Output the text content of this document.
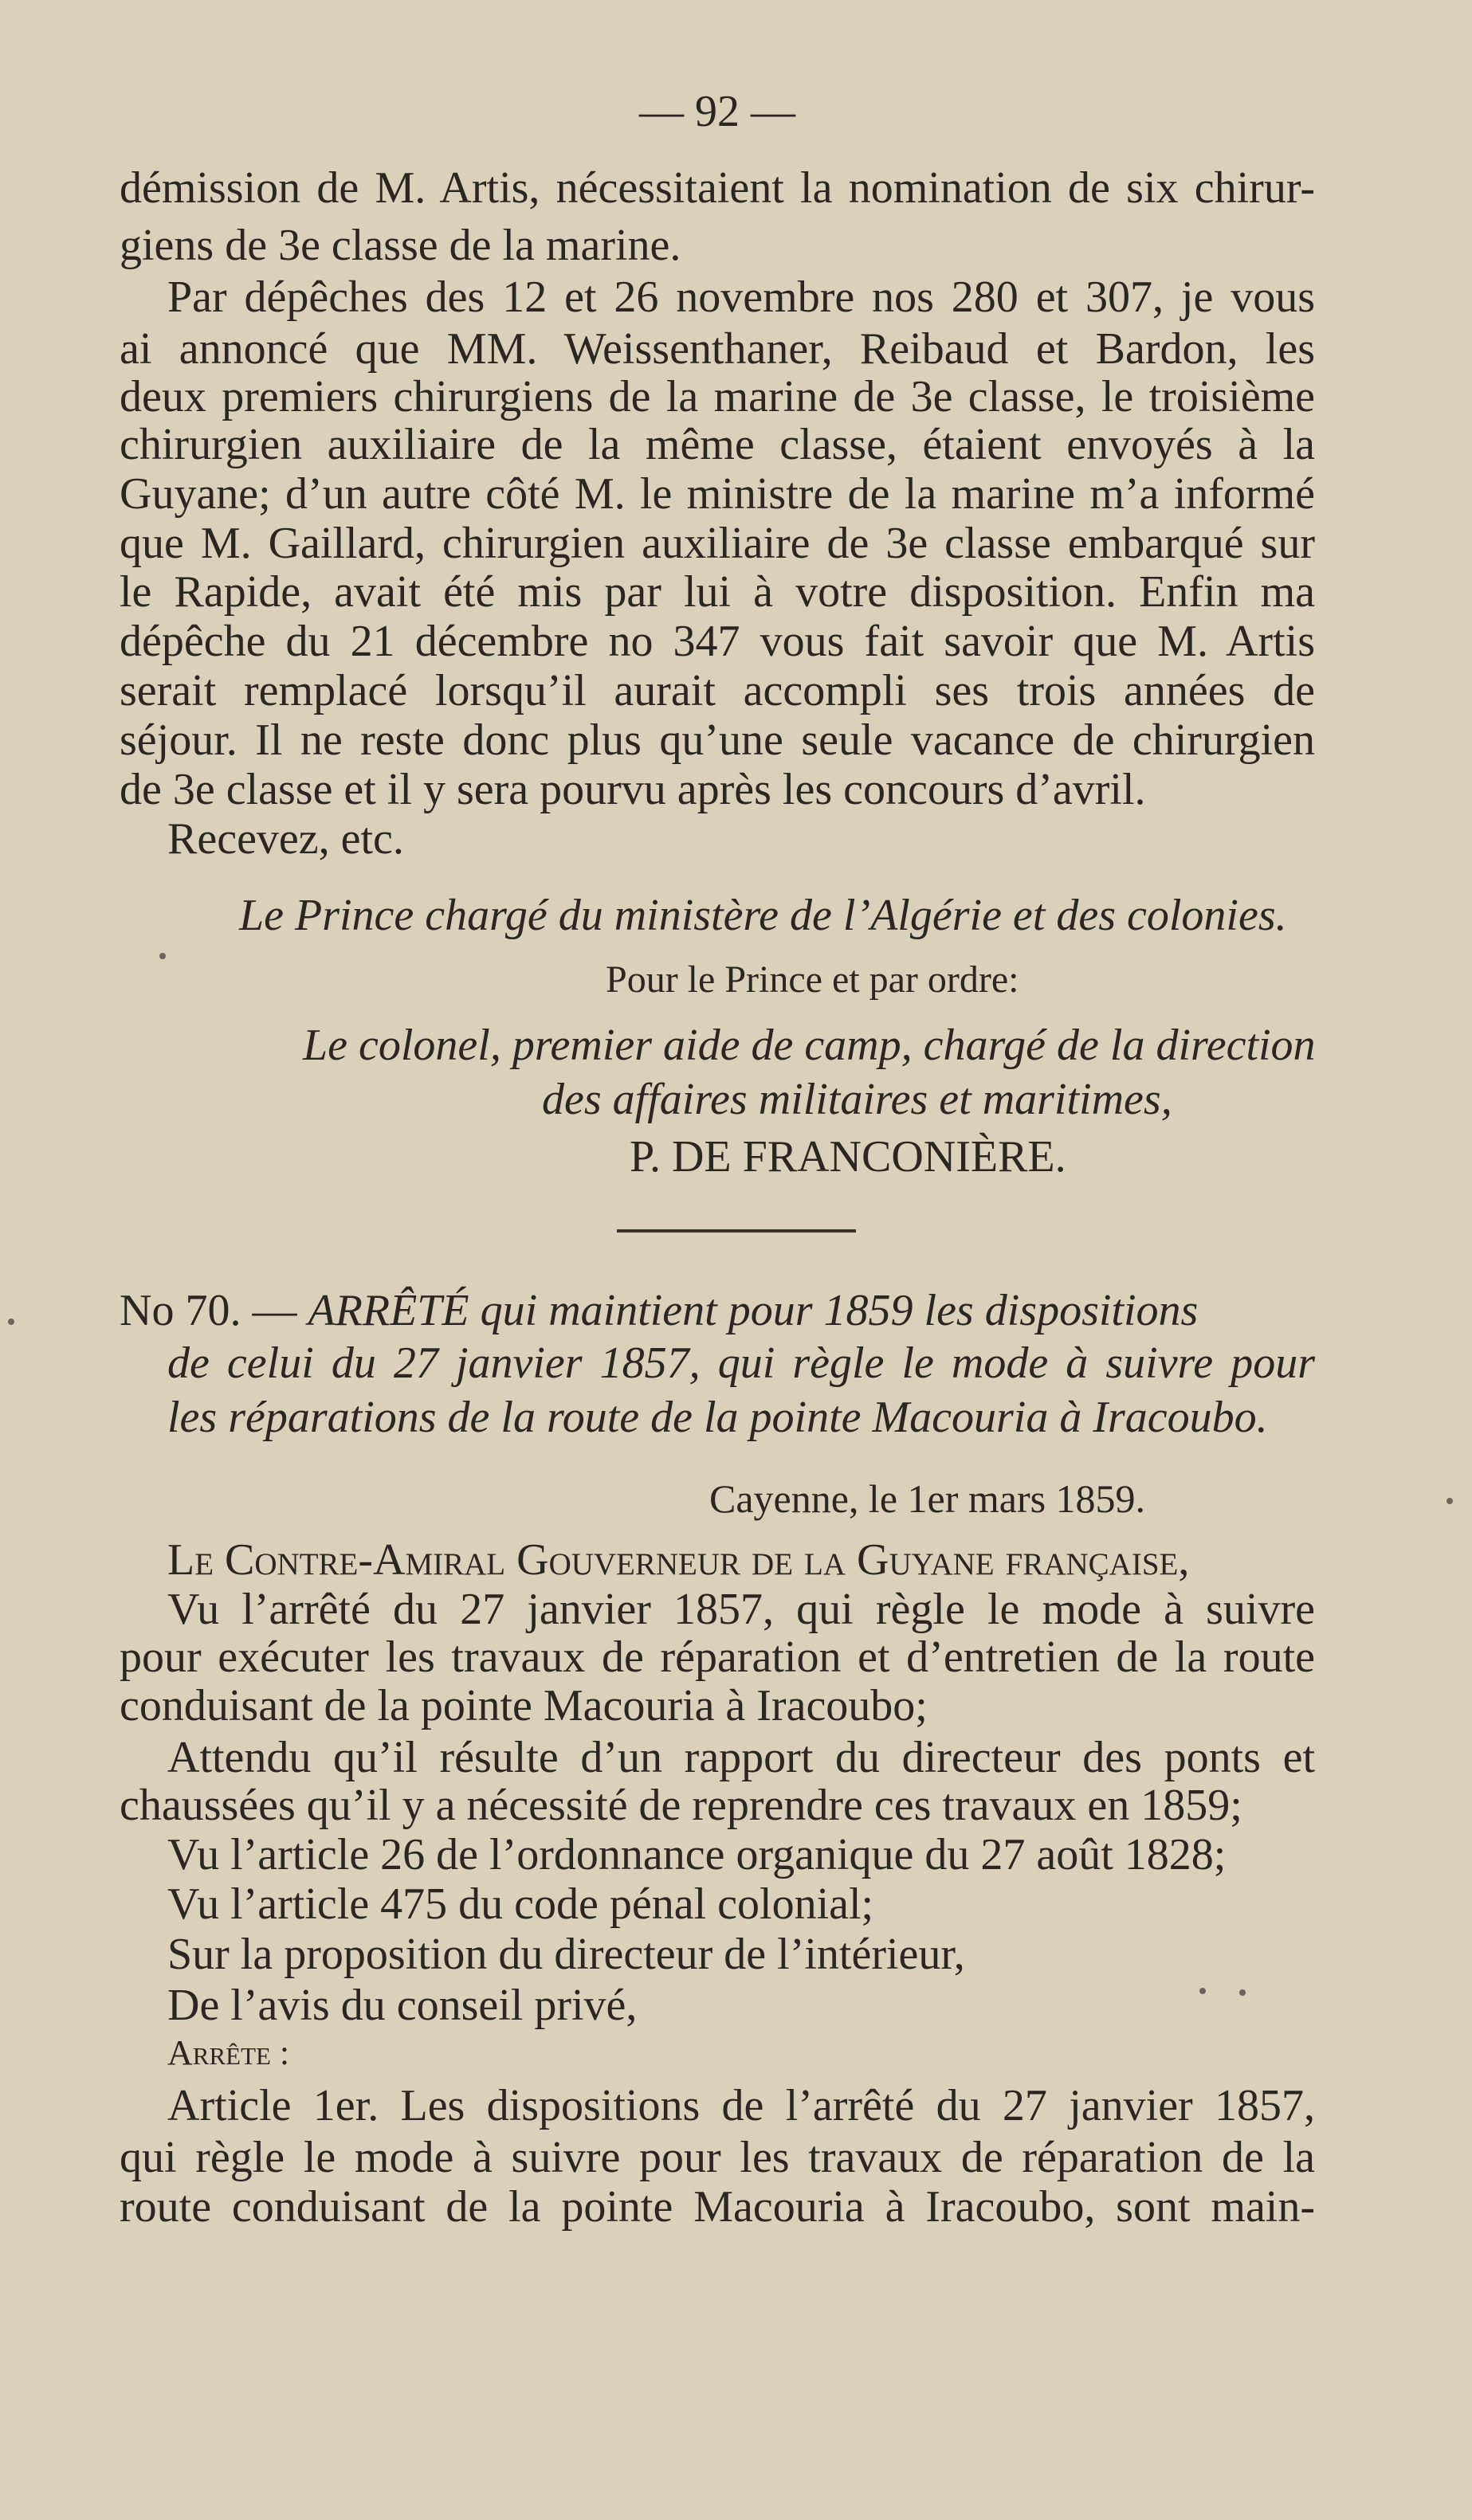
— 92 —
démission de M. Artis, nécessitaient la nomination de six chirur-
giens de 3e classe de la marine.
Par dépêches des 12 et 26 novembre nos 280 et 307, je vous
ai annoncé que MM. Weissenthaner, Reibaud et Bardon, les
deux premiers chirurgiens de la marine de 3e classe, le troisième
chirurgien auxiliaire de la même classe, étaient envoyés à la
Guyane; d’un autre côté M. le ministre de la marine m’a informé
que M. Gaillard, chirurgien auxiliaire de 3e classe embarqué sur
le Rapide, avait été mis par lui à votre disposition. Enfin ma
dépêche du 21 décembre no 347 vous fait savoir que M. Artis
serait remplacé lorsqu’il aurait accompli ses trois années de
séjour. Il ne reste donc plus qu’une seule vacance de chirurgien
de 3e classe et il y sera pourvu après les concours d’avril.
Recevez, etc.
Le Prince chargé du ministère de l’Algérie et des colonies.
Pour le Prince et par ordre:
Le colonel, premier aide de camp, chargé de la direction
des affaires militaires et maritimes,
P. DE FRANCONIÈRE.
No 70. — ARRÊTÉ qui maintient pour 1859 les dispositions
de celui du 27 janvier 1857, qui règle le mode à suivre pour
les réparations de la route de la pointe Macouria à Iracoubo.
Cayenne, le 1er mars 1859.
Le Contre-Amiral Gouverneur de la Guyane française,
Vu l’arrêté du 27 janvier 1857, qui règle le mode à suivre
pour exécuter les travaux de réparation et d’entretien de la route
conduisant de la pointe Macouria à Iracoubo;
Attendu qu’il résulte d’un rapport du directeur des ponts et
chaussées qu’il y a nécessité de reprendre ces travaux en 1859;
Vu l’article 26 de l’ordonnance organique du 27 août 1828;
Vu l’article 475 du code pénal colonial;
Sur la proposition du directeur de l’intérieur,
De l’avis du conseil privé,
Arrête :
Article 1er. Les dispositions de l’arrêté du 27 janvier 1857,
qui règle le mode à suivre pour les travaux de réparation de la
route conduisant de la pointe Macouria à Iracoubo, sont main-
